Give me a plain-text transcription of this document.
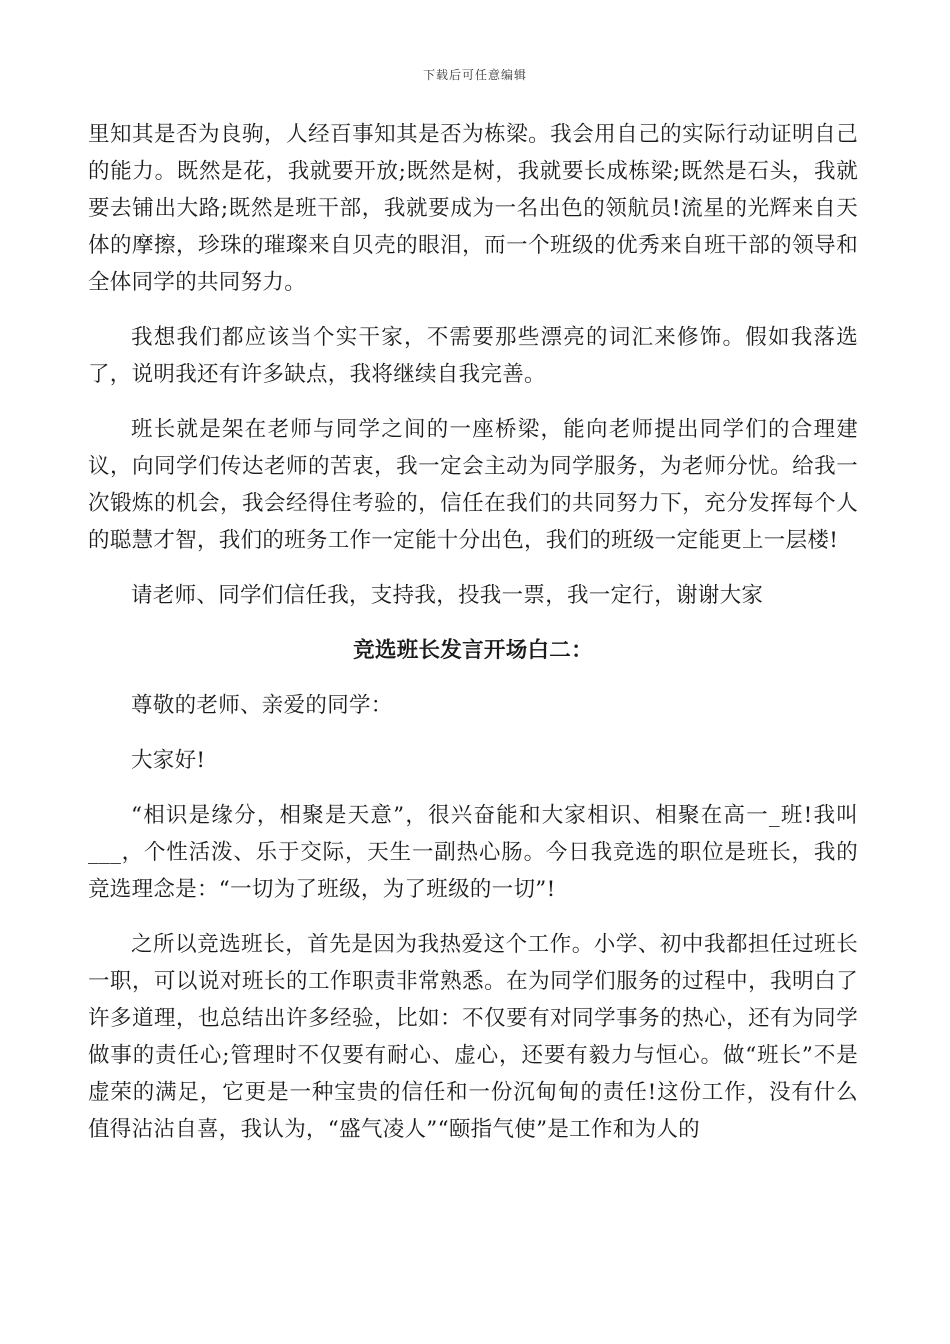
下载后可任意编辑

里知其是否为良驹，人经百事知其是否为栋梁。我会用自己的实际行动证明自己的能力。既然是花，我就要开放;既然是树，我就要长成栋梁;既然是石头，我就要去铺出大路;既然是班干部，我就要成为一名出色的领航员!流星的光辉来自天体的摩擦，珍珠的璀璨来自贝壳的眼泪，而一个班级的优秀来自班干部的领导和全体同学的共同努力。

我想我们都应该当个实干家，不需要那些漂亮的词汇来修饰。假如我落选了，说明我还有许多缺点，我将继续自我完善。

班长就是架在老师与同学之间的一座桥梁，能向老师提出同学们的合理建议，向同学们传达老师的苦衷，我一定会主动为同学服务，为老师分忧。给我一次锻炼的机会，我会经得住考验的，信任在我们的共同努力下，充分发挥每个人的聪慧才智，我们的班务工作一定能十分出色，我们的班级一定能更上一层楼!

请老师、同学们信任我，支持我，投我一票，我一定行，谢谢大家

竞选班长发言开场白二：

尊敬的老师、亲爱的同学：

大家好!

“相识是缘分，相聚是天意”，很兴奋能和大家相识、相聚在高一_班!我叫___，个性活泼、乐于交际，天生一副热心肠。今日我竞选的职位是班长，我的竞选理念是：“一切为了班级，为了班级的一切”!

之所以竞选班长，首先是因为我热爱这个工作。小学、初中我都担任过班长一职，可以说对班长的工作职责非常熟悉。在为同学们服务的过程中，我明白了许多道理，也总结出许多经验，比如：不仅要有对同学事务的热心，还有为同学做事的责任心;管理时不仅要有耐心、虚心，还要有毅力与恒心。做“班长”不是虚荣的满足，它更是一种宝贵的信任和一份沉甸甸的责任!这份工作，没有什么值得沾沾自喜，我认为，“盛气凌人”“颐指气使”是工作和为人的
